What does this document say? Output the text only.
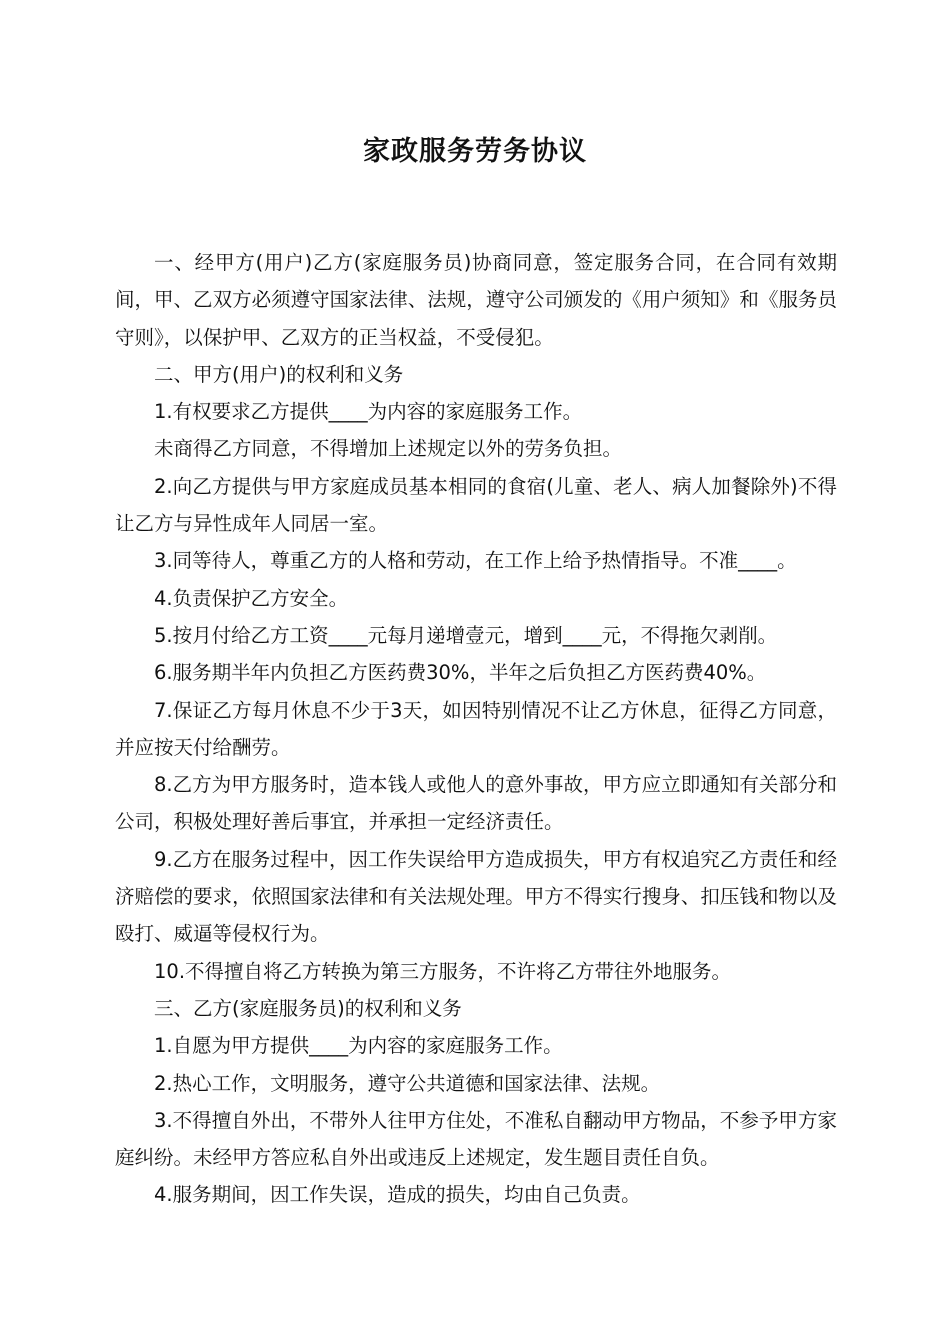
家政服务劳务协议

一、经甲方(用户)乙方(家庭服务员)协商同意，签定服务合同，在合同有效期间，甲、乙双方必须遵守国家法律、法规，遵守公司颁发的《用户须知》和《服务员守则》，以保护甲、乙双方的正当权益，不受侵犯。

二、甲方(用户)的权利和义务

1.有权要求乙方提供____为内容的家庭服务工作。

未商得乙方同意，不得增加上述规定以外的劳务负担。

2.向乙方提供与甲方家庭成员基本相同的食宿(儿童、老人、病人加餐除外)不得让乙方与异性成年人同居一室。

3.同等待人，尊重乙方的人格和劳动，在工作上给予热情指导。不准____。

4.负责保护乙方安全。

5.按月付给乙方工资____元每月递增壹元，增到____元，不得拖欠剥削。

6.服务期半年内负担乙方医药费30%，半年之后负担乙方医药费40%。

7.保证乙方每月休息不少于3天，如因特别情况不让乙方休息，征得乙方同意，并应按天付给酬劳。

8.乙方为甲方服务时，造本钱人或他人的意外事故，甲方应立即通知有关部分和公司，积极处理好善后事宜，并承担一定经济责任。

9.乙方在服务过程中，因工作失误给甲方造成损失，甲方有权追究乙方责任和经济赔偿的要求，依照国家法律和有关法规处理。甲方不得实行搜身、扣压钱和物以及殴打、威逼等侵权行为。

10.不得擅自将乙方转换为第三方服务，不许将乙方带往外地服务。

三、乙方(家庭服务员)的权利和义务

1.自愿为甲方提供____为内容的家庭服务工作。

2.热心工作，文明服务，遵守公共道德和国家法律、法规。

3.不得擅自外出，不带外人往甲方住处，不准私自翻动甲方物品，不参予甲方家庭纠纷。未经甲方答应私自外出或违反上述规定，发生题目责任自负。

4.服务期间，因工作失误，造成的损失，均由自己负责。
